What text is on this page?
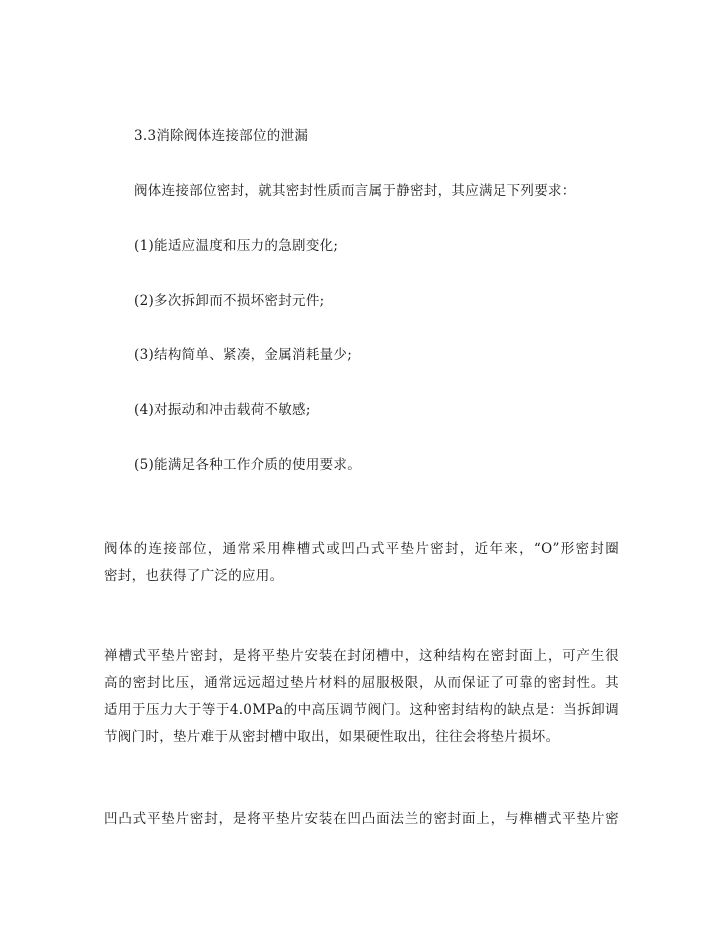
3.3消除阀体连接部位的泄漏
阀体连接部位密封，就其密封性质而言属于静密封，其应满足下列要求：
(1)能适应温度和压力的急剧变化;
(2)多次拆卸而不损坏密封元件;
(3)结构简单、紧凑，金属消耗量少;
(4)对振动和冲击载荷不敏感;
(5)能满足各种工作介质的使用要求。
阀体的连接部位，通常采用榫槽式或凹凸式平垫片密封，近年来，“O”形密封圈
密封，也获得了广泛的应用。
禅槽式平垫片密封，是将平垫片安装在封闭槽中，这种结构在密封面上，可产生很
高的密封比压，通常远远超过垫片材料的屈服极限，从而保证了可靠的密封性。其
适用于压力大于等于4.0MPa的中高压调节阀门。这种密封结构的缺点是：当拆卸调
节阀门时，垫片难于从密封槽中取出，如果硬性取出，往往会将垫片损坏。
凹凸式平垫片密封，是将平垫片安装在凹凸面法兰的密封面上，与榫槽式平垫片密
